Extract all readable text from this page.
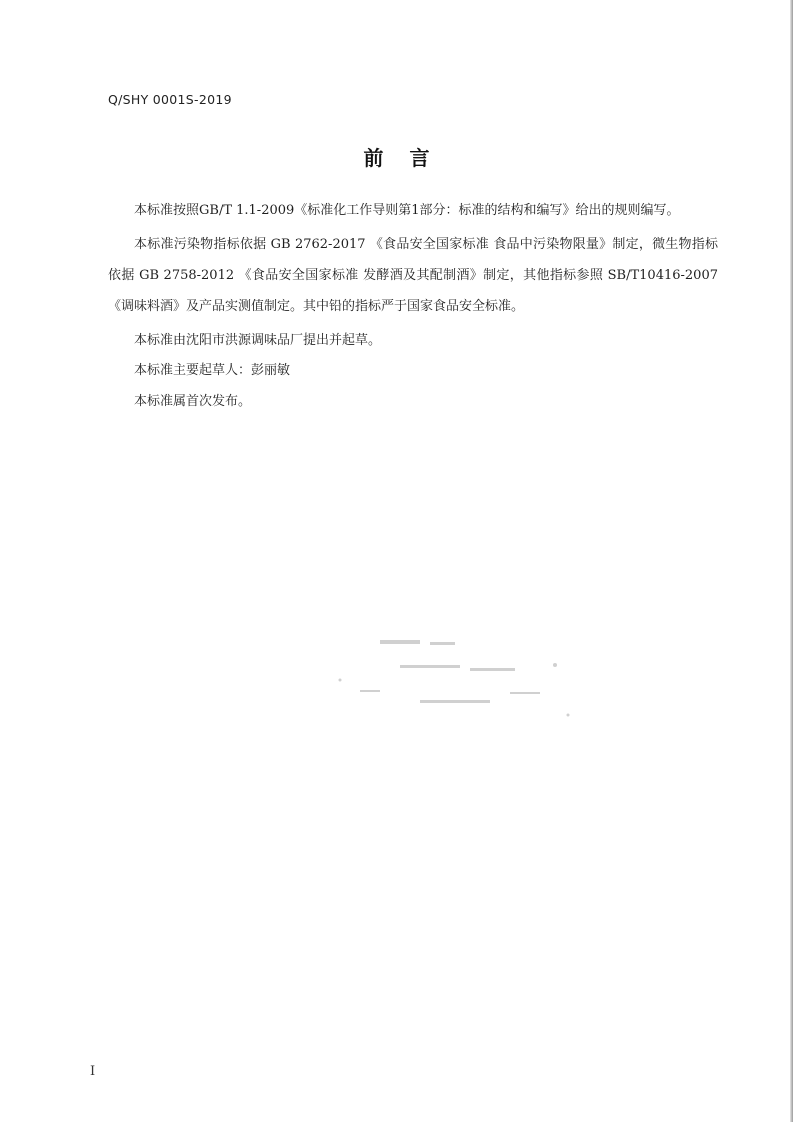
Q/SHY 0001S-2019
前言

本标准按照GB/T 1.1-2009《标准化工作导则第1部分：标准的结构和编写》给出的规则编写。

本标准污染物指标依据 GB 2762-2017 《食品安全国家标准 食品中污染物限量》制定，微生物指标依据 GB 2758-2012 《食品安全国家标准 发酵酒及其配制酒》制定，其他指标参照 SB/T10416-2007《调味料酒》及产品实测值制定。其中铅的指标严于国家食品安全标准。

本标准由沈阳市洪源调味品厂提出并起草。

本标准主要起草人：彭丽敏

本标准属首次发布。

I
